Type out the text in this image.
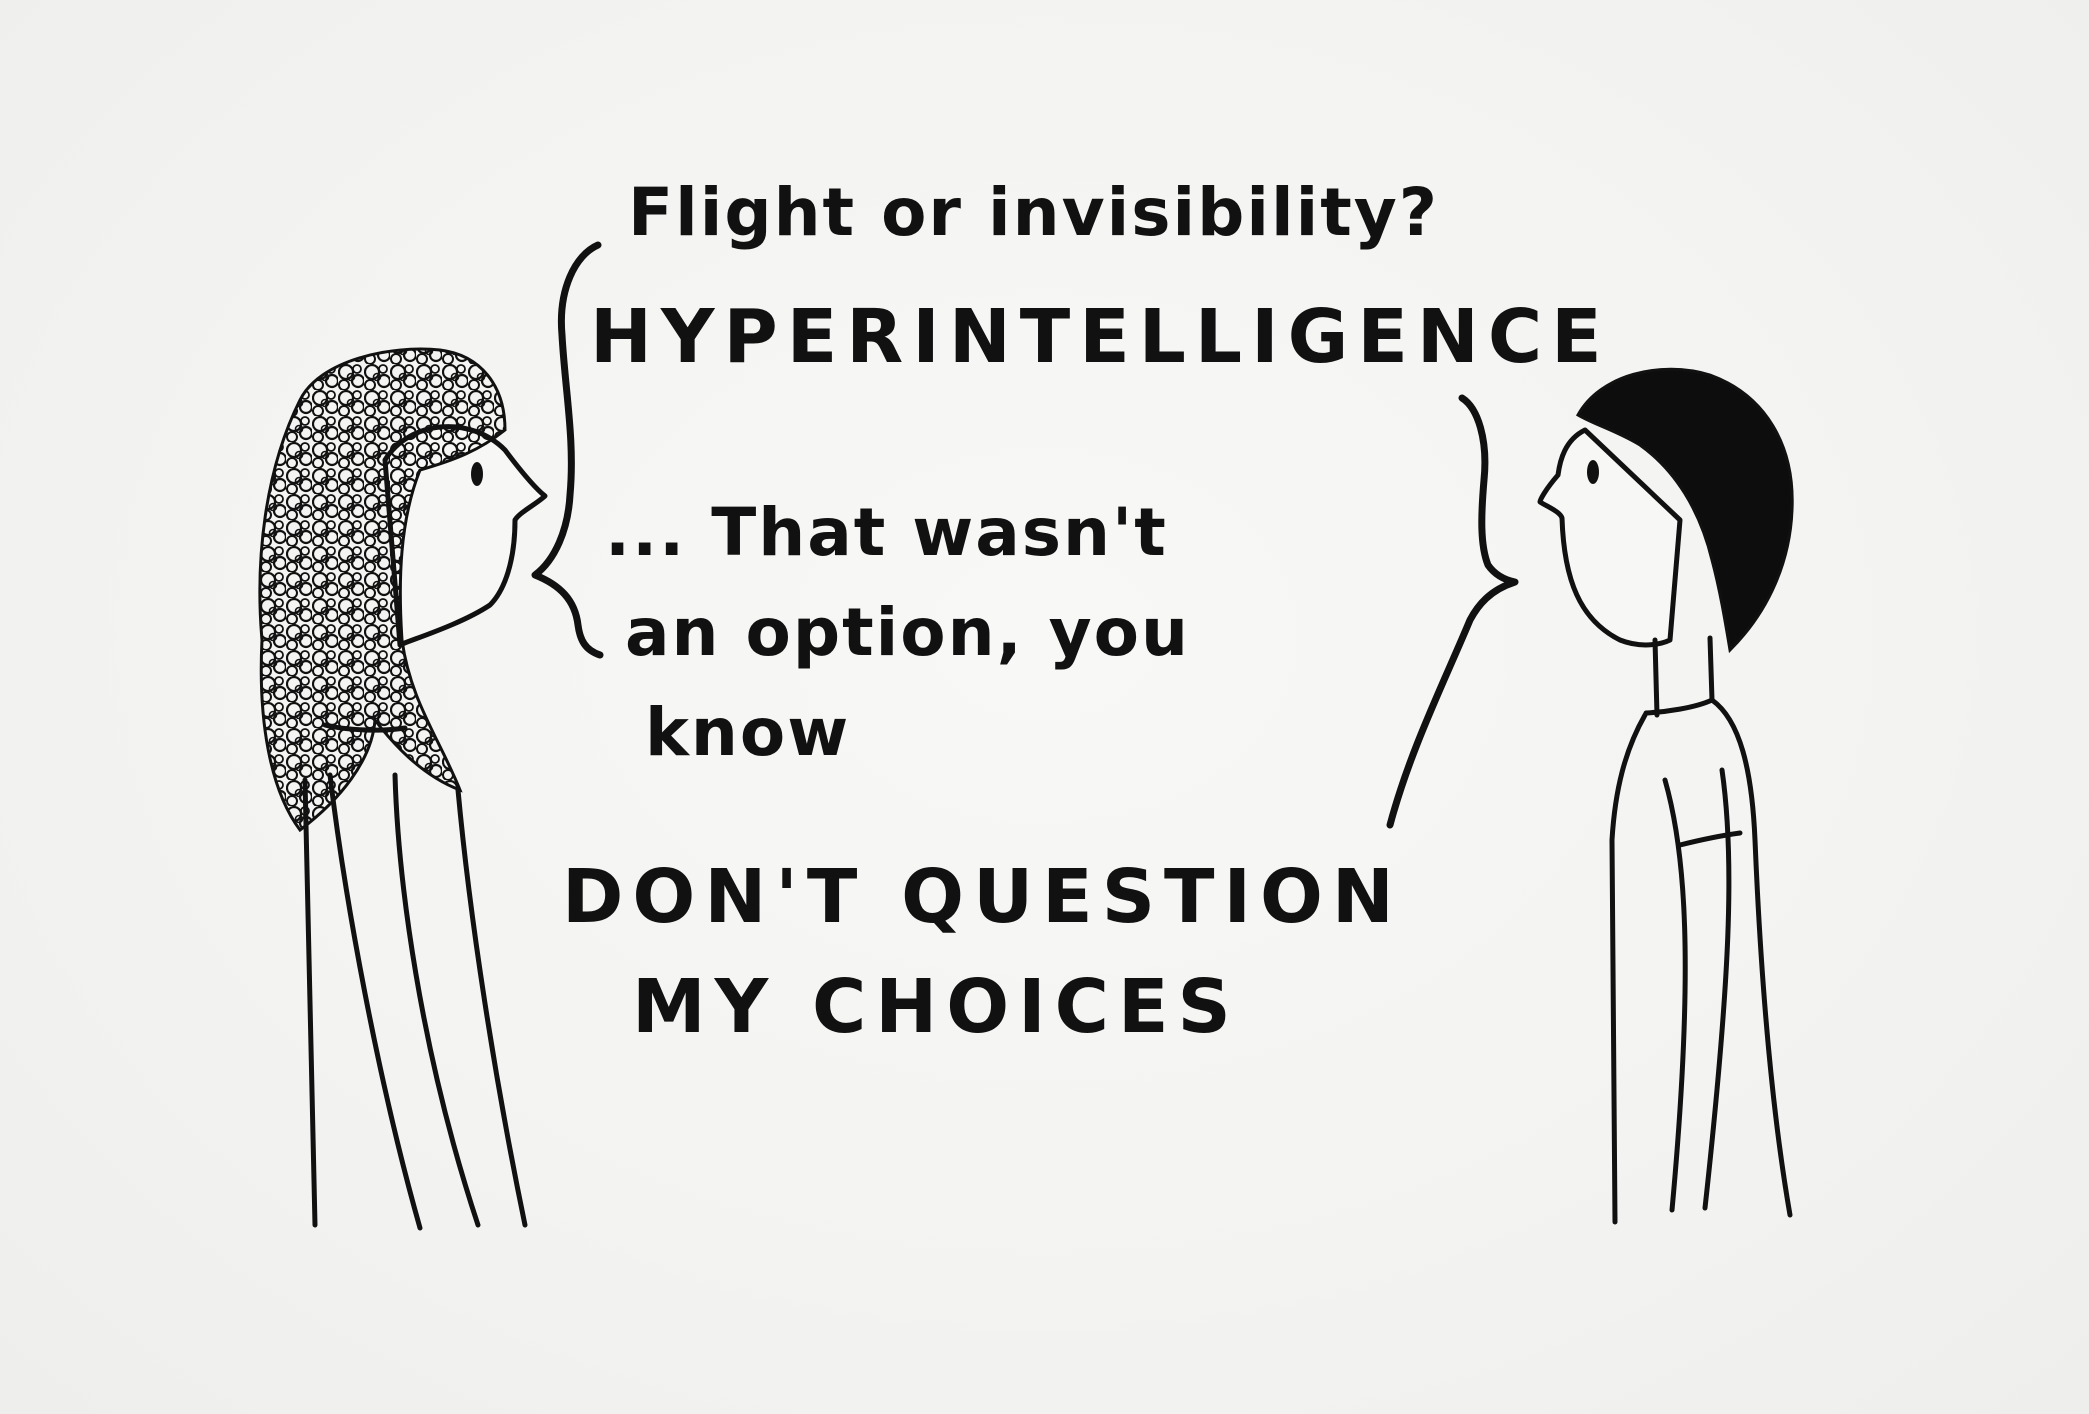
Flight or invisibility?
HYPERINTELLIGENCE
... That wasn't
an option, you
know
DON'T QUESTION
MY CHOICES
